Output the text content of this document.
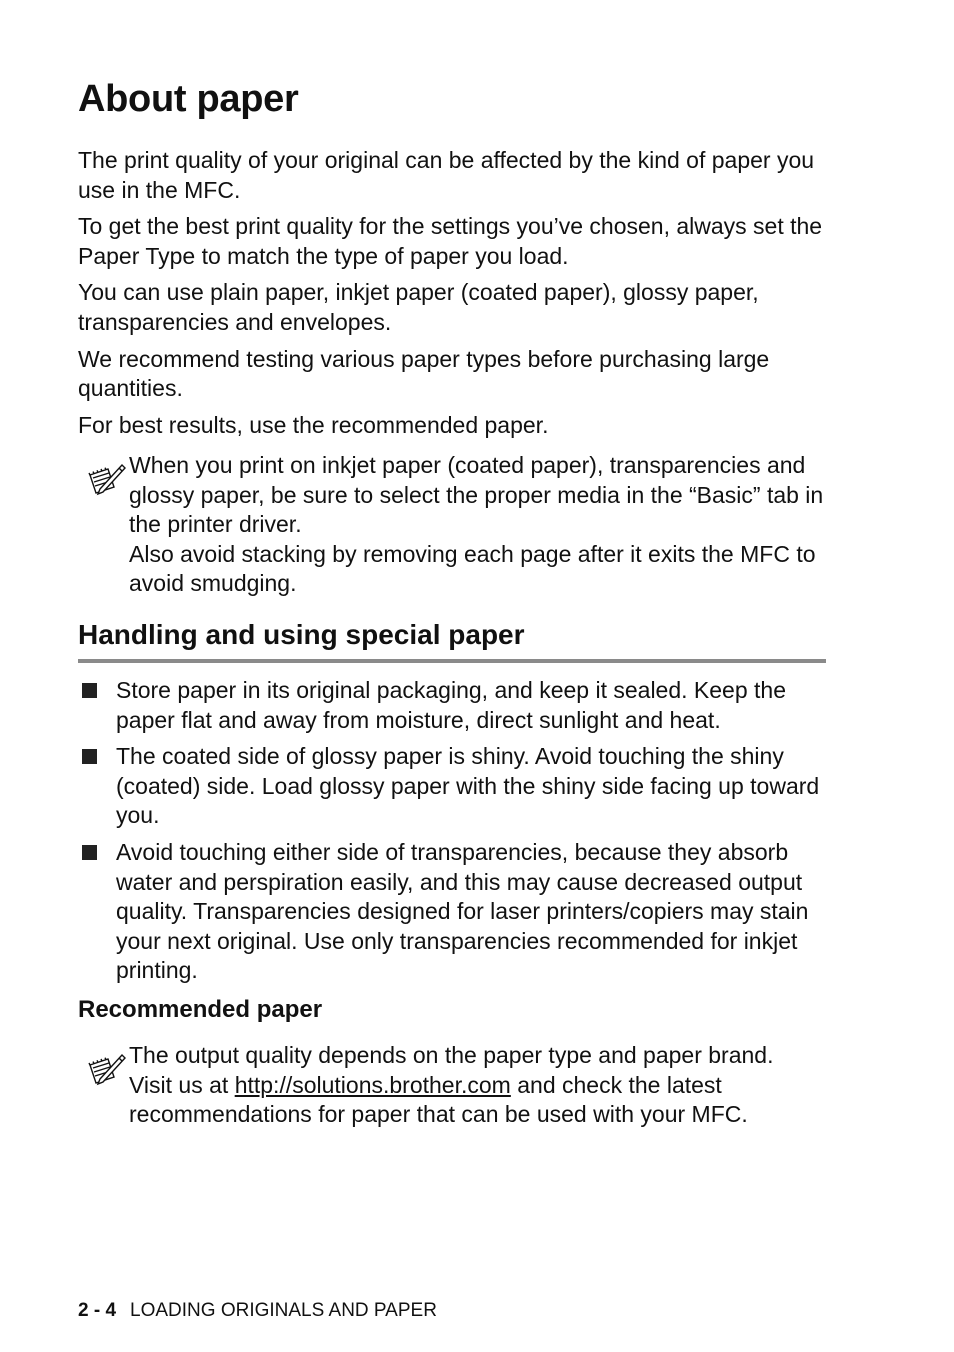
About paper

The print quality of your original can be affected by the kind of paper you use in the MFC.

To get the best print quality for the settings you’ve chosen, always set the Paper Type to match the type of paper you load.

You can use plain paper, inkjet paper (coated paper), glossy paper, transparencies and envelopes.

We recommend testing various paper types before purchasing large quantities.

For best results, use the recommended paper.

When you print on inkjet paper (coated paper), transparencies and glossy paper, be sure to select the proper media in the “Basic” tab in the printer driver.
Also avoid stacking by removing each page after it exits the MFC to avoid smudging.
Handling and using special paper
Store paper in its original packaging, and keep it sealed. Keep the paper flat and away from moisture, direct sunlight and heat.
The coated side of glossy paper is shiny. Avoid touching the shiny (coated) side. Load glossy paper with the shiny side facing up toward you.
Avoid touching either side of transparencies, because they absorb water and perspiration easily, and this may cause decreased output quality. Transparencies designed for laser printers/copiers may stain your next original. Use only transparencies recommended for inkjet printing.
Recommended paper
The output quality depends on the paper type and paper brand.
Visit us at http://solutions.brother.com and check the latest recommendations for paper that can be used with your MFC.
2 - 4 LOADING ORIGINALS AND PAPER
